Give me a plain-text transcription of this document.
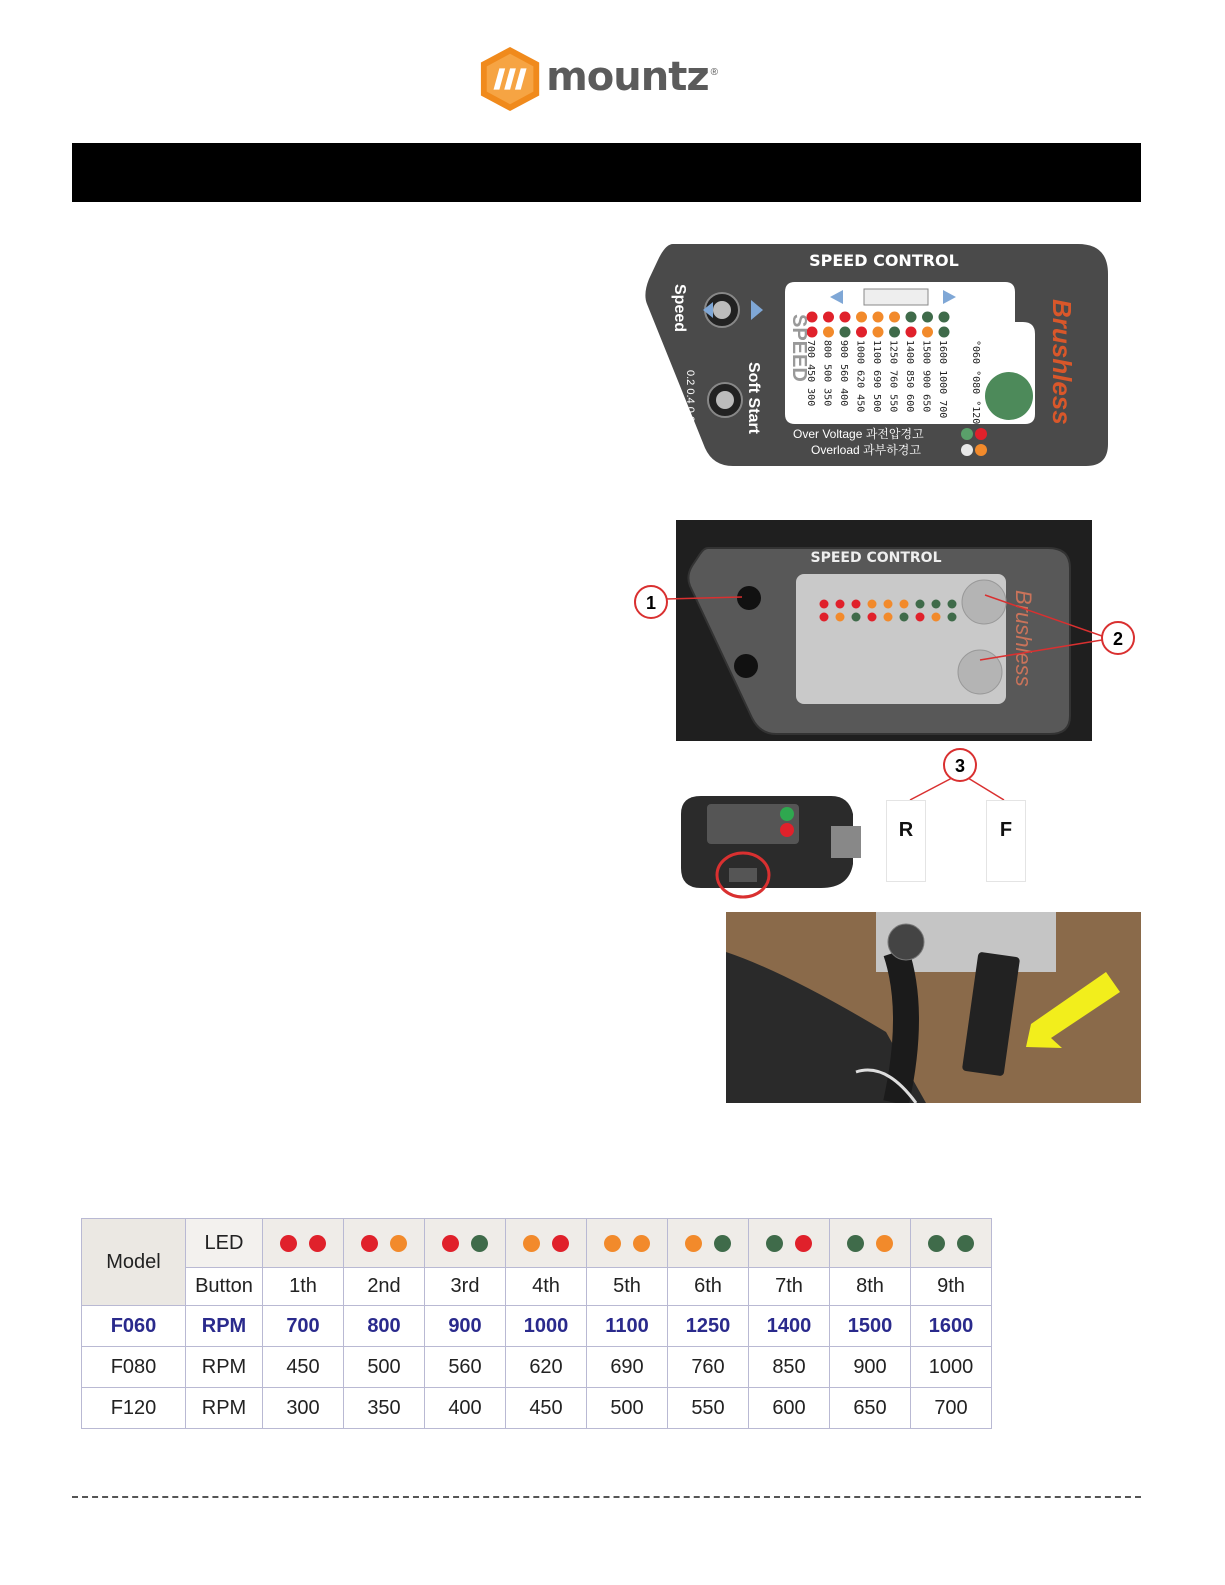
mountz ®
SPEED CONTROL
Speed
Soft Start
0.2 0.4 0.6s
SPEED
700 450 300 800 500 350 900 560 400 1000 620 450 1100 690 500 1250 760 550 1400 850 600 1500 900 650 1600 1000 700 °060 °080 °120	Brushless
Over Voltage 과전압경고
Overload 과부하경고
SPEED CONTROL
Brushless
1
2
3
R	F
Model	LED									
	Button	1th	2nd	3rd	4th	5th	6th	7th	8th	9th
F060	RPM	700	800	900	1000	1100	1250	1400	1500	1600
F080	RPM	450	500	560	620	690	760	850	900	1000
F120	RPM	300	350	400	450	500	550	600	650	700
